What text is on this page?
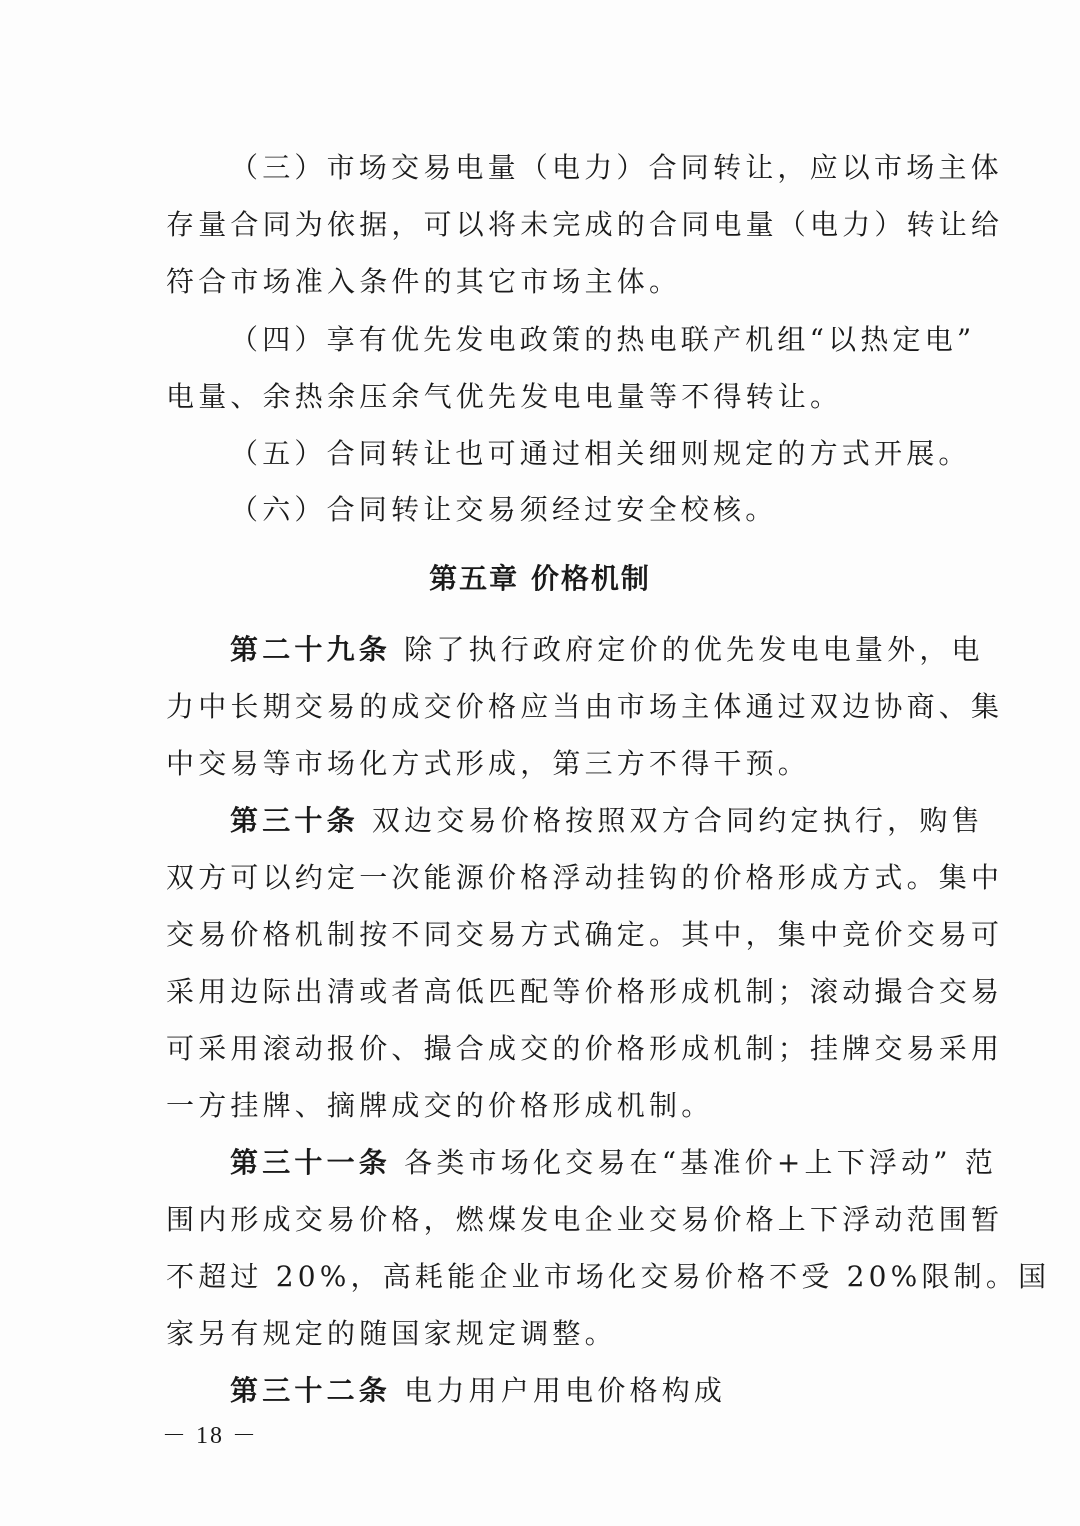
（三）市场交易电量（电力）合同转让，应以市场主体
存量合同为依据，可以将未完成的合同电量（电力）转让给
符合市场准入条件的其它市场主体。
（四）享有优先发电政策的热电联产机组“以热定电”
电量、余热余压余气优先发电电量等不得转让。
（五）合同转让也可通过相关细则规定的方式开展。
（六）合同转让交易须经过安全校核。
第五章 价格机制
第二十九条 除了执行政府定价的优先发电电量外，电
力中长期交易的成交价格应当由市场主体通过双边协商、集
中交易等市场化方式形成，第三方不得干预。
第三十条 双边交易价格按照双方合同约定执行，购售
双方可以约定一次能源价格浮动挂钩的价格形成方式。集中
交易价格机制按不同交易方式确定。其中，集中竞价交易可
采用边际出清或者高低匹配等价格形成机制；滚动撮合交易
可采用滚动报价、撮合成交的价格形成机制；挂牌交易采用
一方挂牌、摘牌成交的价格形成机制。
第三十一条 各类市场化交易在“基准价+上下浮动” 范
围内形成交易价格，燃煤发电企业交易价格上下浮动范围暂
不超过 20%，高耗能企业市场化交易价格不受 20%限制。国
家另有规定的随国家规定调整。
第三十二条 电力用户用电价格构成
－ 18 －
